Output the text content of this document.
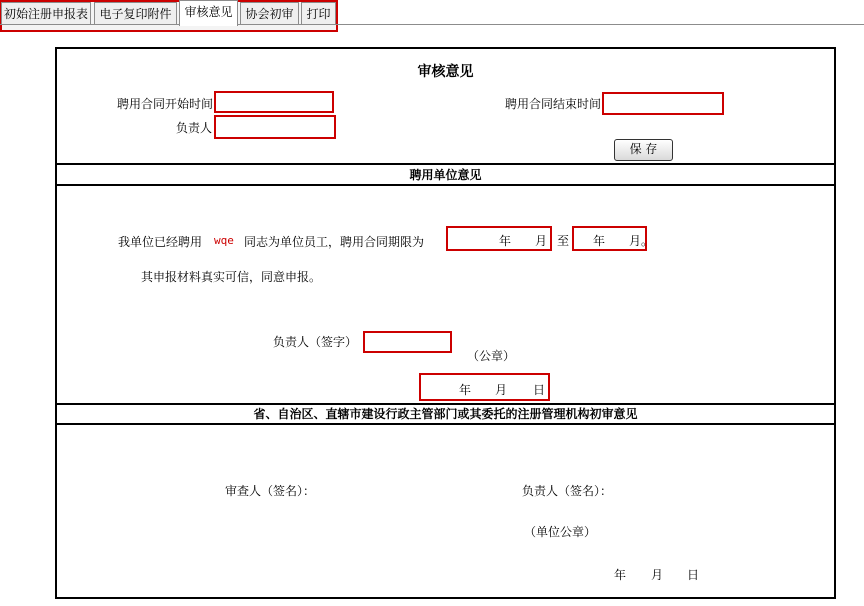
初始注册申报表 电子复印附件	审核意见	协会初审	打印
审核意见
聘用合同开始时间	聘用合同结束时间
负责人
保 存
聘用单位意见
我单位已经聘用 wqe 同志为单位员工，聘用合同期限为	年 月 至 年 月 。
其申报材料真实可信，同意申报。
负责人（签字）
（公章）
年 月 日
省、自治区、直辖市建设行政主管部门或其委托的注册管理机构初审意见
审查人（签名）：	负责人（签名）：
（单位公章）
年 月 日
